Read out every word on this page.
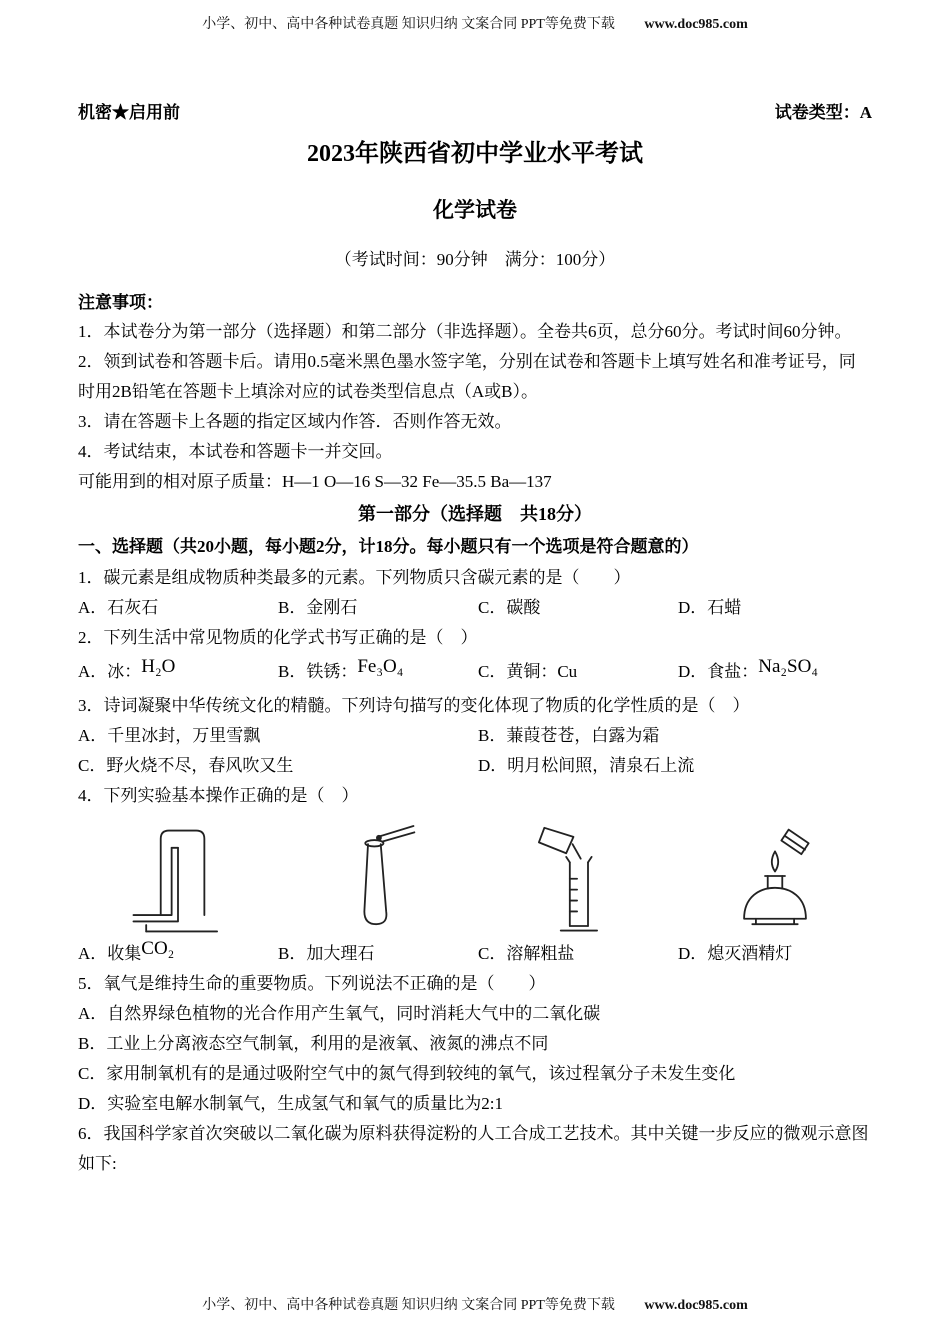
小学、初中、高中各种试卷真题 知识归纳 文案合同 PPT等免费下载 www.doc985.com
机密★启用前	试卷类型：A
2023年陕西省初中学业水平考试
化学试卷
（考试时间：90分钟　满分：100分）
注意事项：
1．本试卷分为第一部分（选择题）和第二部分（非选择题）。全卷共6页，总分60分。考试时间60分钟。
2．领到试卷和答题卡后。请用0.5毫米黑色墨水签字笔，分别在试卷和答题卡上填写姓名和准考证号，同时用2B铅笔在答题卡上填涂对应的试卷类型信息点（A或B）。
3．请在答题卡上各题的指定区域内作答．否则作答无效。
4．考试结束，本试卷和答题卡一并交回。
可能用到的相对原子质量：H—1 O—16 S—32 Fe—35.5 Ba—137
第一部分（选择题　共18分）
一、选择题（共20小题，每小题2分，计18分。每小题只有一个选项是符合题意的）
1．碳元素是组成物质种类最多的元素。下列物质只含碳元素的是（　　）
A．石灰石	B．金刚石	C．碳酸	D．石蜡
2．下列生活中常见物质的化学式书写正确的是（　）
A．冰：H₂O	B．铁锈：Fe₃O₄	C．黄铜：Cu	D．食盐：Na₂SO₄
3．诗词凝聚中华传统文化的精髓。下列诗句描写的变化体现了物质的化学性质的是（　）
A．千里冰封，万里雪飘	B．蒹葭苍苍，白露为霜
C．野火烧不尽，春风吹又生	D．明月松间照，清泉石上流
4．下列实验基本操作正确的是（　）
A．收集CO₂	B．加大理石	C．溶解粗盐	D．熄灭酒精灯
5．氧气是维持生命的重要物质。下列说法不正确的是（　　）
A．自然界绿色植物的光合作用产生氧气，同时消耗大气中的二氧化碳
B．工业上分离液态空气制氧，利用的是液氧、液氮的沸点不同
C．家用制氧机有的是通过吸附空气中的氮气得到较纯的氧气，该过程氧分子未发生变化
D．实验室电解水制氧气，生成氢气和氧气的质量比为2:1
6．我国科学家首次突破以二氧化碳为原料获得淀粉的人工合成工艺技术。其中关键一步反应的微观示意图如下:
小学、初中、高中各种试卷真题 知识归纳 文案合同 PPT等免费下载 www.doc985.com
